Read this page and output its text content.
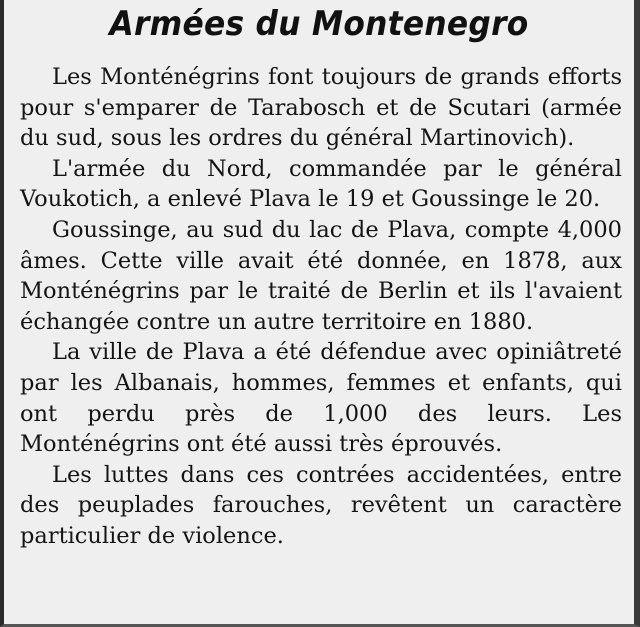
Armées du Montenegro

Les Monténégrins font toujours de grands efforts pour s'emparer de Tarabosch et de Scutari (armée du sud, sous les ordres du général Martinovich).

L'armée du Nord, commandée par le général Voukotich, a enlevé Plava le 19 et Goussinge le 20.

Goussinge, au sud du lac de Plava, compte 4,000 âmes. Cette ville avait été donnée, en 1878, aux Monténégrins par le traité de Berlin et ils l'avaient échangée contre un autre territoire en 1880.

La ville de Plava a été défendue avec opiniâtreté par les Albanais, hommes, femmes et enfants, qui ont perdu près de 1,000 des leurs. Les Monténégrins ont été aussi très éprouvés.

Les luttes dans ces contrées accidentées, entre des peuplades farouches, revêtent un caractère particulier de violence.
